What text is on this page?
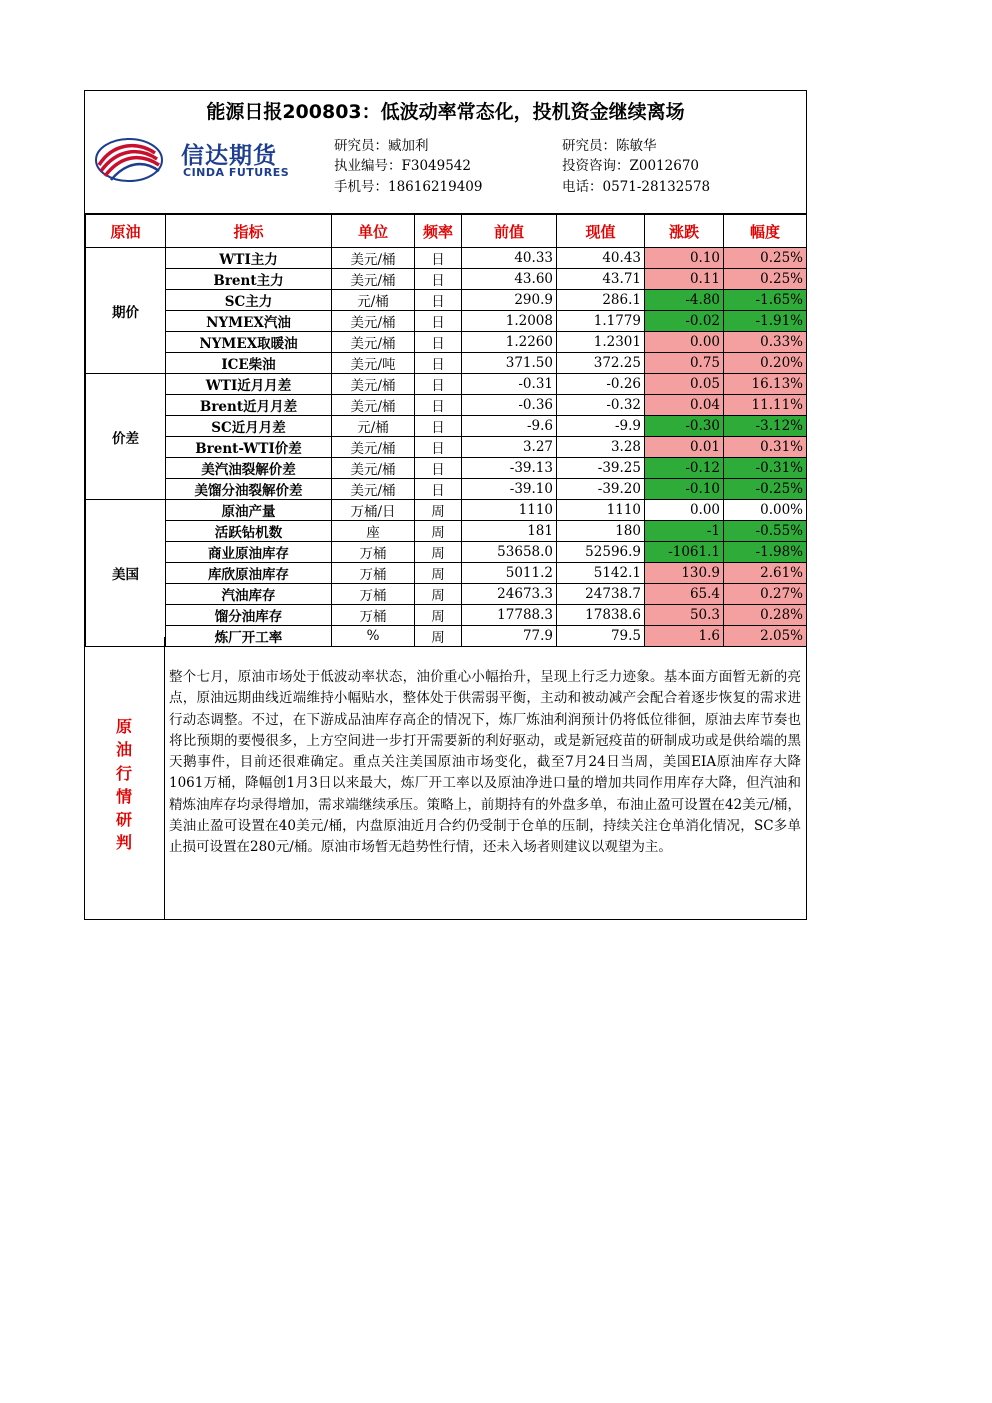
能源日报200803：低波动率常态化，投机资金继续离场
信达期货
CINDA FUTURES
研究员：臧加利
执业编号：F3049542
手机号：18616219409
研究员：陈敏华
投资咨询：Z0012670
电话：0571-28132578
原油	指标	单位	频率	前值	现值	涨跌	幅度
期价	WTI主力	美元/桶	日	40.33	40.43	0.10	0.25%
	Brent主力	美元/桶	日	43.60	43.71	0.11	0.25%
	SC主力	元/桶	日	290.9	286.1	-4.80	-1.65%
	NYMEX汽油	美元/桶	日	1.2008	1.1779	-0.02	-1.91%
	NYMEX取暖油	美元/桶	日	1.2260	1.2301	0.00	0.33%
	ICE柴油	美元/吨	日	371.50	372.25	0.75	0.20%
价差	WTI近月月差	美元/桶	日	-0.31	-0.26	0.05	16.13%
	Brent近月月差	美元/桶	日	-0.36	-0.32	0.04	11.11%
	SC近月月差	元/桶	日	-9.6	-9.9	-0.30	-3.12%
	Brent-WTI价差	美元/桶	日	3.27	3.28	0.01	0.31%
	美汽油裂解价差	美元/桶	日	-39.13	-39.25	-0.12	-0.31%
	美馏分油裂解价差	美元/桶	日	-39.10	-39.20	-0.10	-0.25%
美国	原油产量	万桶/日	周	1110	1110	0.00	0.00%
	活跃钻机数	座	周	181	180	-1	-0.55%
	商业原油库存	万桶	周	53658.0	52596.9	-1061.1	-1.98%
	库欣原油库存	万桶	周	5011.2	5142.1	130.9	2.61%
	汽油库存	万桶	周	24673.3	24738.7	65.4	0.27%
	馏分油库存	万桶	周	17788.3	17838.6	50.3	0.28%
	炼厂开工率	%	周	77.9	79.5	1.6	2.05%
原油行情研判
整个七月，原油市场处于低波动率状态，油价重心小幅抬升，呈现上行乏力迹象。基本面方面暂无新的亮点，原油远期曲线近端维持小幅贴水，整体处于供需弱平衡，主动和被动减产会配合着逐步恢复的需求进行动态调整。不过，在下游成品油库存高企的情况下，炼厂炼油利润预计仍将低位徘徊，原油去库节奏也将比预期的要慢很多，上方空间进一步打开需要新的利好驱动，或是新冠疫苗的研制成功或是供给端的黑天鹅事件，目前还很难确定。重点关注美国原油市场变化，截至7月24日当周，美国EIA原油库存大降1061万桶，降幅创1月3日以来最大，炼厂开工率以及原油净进口量的增加共同作用库存大降，但汽油和精炼油库存均录得增加，需求端继续承压。策略上，前期持有的外盘多单，布油止盈可设置在42美元/桶，美油止盈可设置在40美元/桶，内盘原油近月合约仍受制于仓单的压制，持续关注仓单消化情况，SC多单止损可设置在280元/桶。原油市场暂无趋势性行情，还未入场者则建议以观望为主。
